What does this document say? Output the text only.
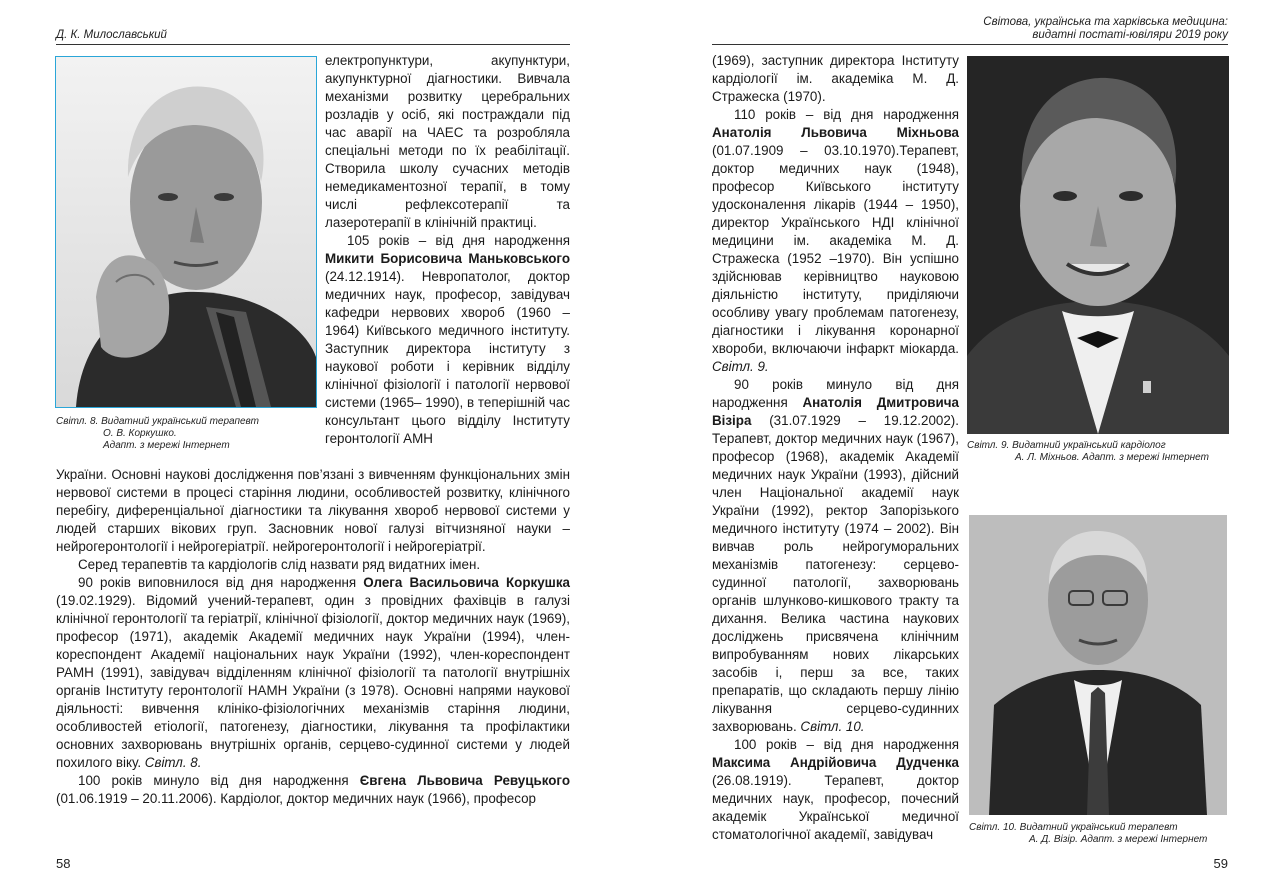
Д. К. Милославський
Світл. 8. Видатний український терапевт
О. В. Коркушко.
Адапт. з мережі Інтернет

електропунктури, акупунктури, акупунктурної діагностики. Вивчала механізми розвитку церебральних розладів у осіб, які постраждали під час аварії на ЧАЕС та розробляла спеціальні методи по їх реабілітації. Створила школу сучасних методів немедикаментозної терапії, в тому числі рефлексотерапії та лазеротерапії в клінічній практиці.

105 років – від дня народження Микити Борисовича Маньковського (24.12.1914). Невропатолог, доктор медичних наук, професор, завідувач кафедри нервових хвороб (1960 – 1964) Київського медичного інституту. Заступник директора інституту з наукової роботи і керівник відділу клінічної фізіології і патології нервової системи (1965– 1990), в теперішній час консультант цього відділу Інституту геронтології АМН

України. Основні наукові дослідження пов’язані з вивченням функціональних змін нервової системи в процесі старіння людини, особливостей розвитку, клінічного перебігу, диференціальної діагностики та лікування хвороб нервової системи у людей старших вікових груп. Засновник нової галузі вітчизняної науки – нейрогеронтології і нейрогеріатрії. нейрогеронтології і нейрогеріатрії.

Серед терапевтів та кардіологів слід назвати ряд видатних імен.

90 років виповнилося від дня народження Олега Васильовича Коркушка (19.02.1929). Відомий учений-терапевт, один з провідних фахівців в галузі клінічної геронтології та геріатрії, клінічної фізіології, доктор медичних наук (1969), професор (1971), академік Академії медичних наук України (1994), член-кореспондент Академії національних наук України (1992), член-кореспондент РАМН (1991), завідувач відділенням клінічної фізіології та патології внутрішніх органів Інституту геронтології НАМН України (з 1978). Основні напрями наукової діяльності: вивчення клініко-фізіологічних механізмів старіння людини, особливостей етіології, патогенезу, діагностики, лікування та профілактики основних захворювань внутрішніх органів, серцево-судинної системи у людей похилого віку. Світл. 8.

100 років минуло від дня народження Євгена Львовича Ревуцького (01.06.1919 – 20.11.2006). Кардіолог, доктор медичних наук (1966), професор

58
Світова, українська та харківська медицина:
видатні постаті-ювіляри 2019 року

(1969), заступник директора Інституту кардіології ім. академіка М. Д. Стражеска (1970).

110 років – від дня народження Анатолія Львовича Міхньова (01.07.1909 – 03.10.1970).Терапевт, доктор медичних наук (1948), професор Київського інституту удосконалення лікарів (1944 – 1950), директор Українського НДІ клінічної медицини ім. академіка М. Д. Стражеска (1952 –1970). Він успішно здійснював керівництво науковою діяльністю інституту, приділяючи особливу увагу проблемам патогенезу, діагностики і лікування коронарної хвороби, включаючи інфаркт міокарда. Світл. 9.

90 років минуло від дня народження Анатолія Дмитровича Візіра (31.07.1929 – 19.12.2002). Терапевт, доктор медичних наук (1967), професор (1968), академік Академії медичних наук України (1993), дійсний член Національної академії наук України (1992), ректор Запорізького медичного інституту (1974 – 2002). Він вивчав роль нейрогуморальних механізмів патогенезу: серцево-судинної патології, захворювань органів шлунково-кишкового тракту та дихання. Велика частина наукових досліджень присвячена клінічним випробуванням нових лікарських засобів і, перш за все, таких препаратів, що складають першу лінію лікування серцево-судинних захворювань. Світл. 10.

100 років – від дня народження Максима Андрійовича Дудченка (26.08.1919). Терапевт, доктор медичних наук, професор, почесний академік Української медичної стоматологічної академії, завідувач

Світл. 9. Видатний український кардіолог
А. Л. Міхньов. Адапт. з мережі Інтернет
Світл. 10. Видатний український терапевт
А. Д. Візір. Адапт. з мережі Інтернет
59
